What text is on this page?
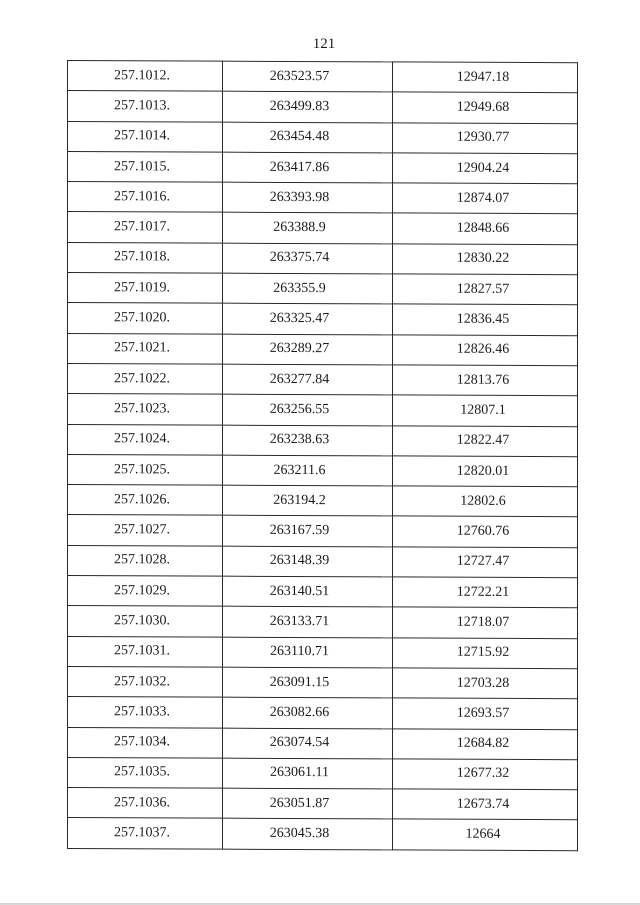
121
257.1012.	263523.57	12947.18
257.1013.	263499.83	12949.68
257.1014.	263454.48	12930.77
257.1015.	263417.86	12904.24
257.1016.	263393.98	12874.07
257.1017.	263388.9	12848.66
257.1018.	263375.74	12830.22
257.1019.	263355.9	12827.57
257.1020.	263325.47	12836.45
257.1021.	263289.27	12826.46
257.1022.	263277.84	12813.76
257.1023.	263256.55	12807.1
257.1024.	263238.63	12822.47
257.1025.	263211.6	12820.01
257.1026.	263194.2	12802.6
257.1027.	263167.59	12760.76
257.1028.	263148.39	12727.47
257.1029.	263140.51	12722.21
257.1030.	263133.71	12718.07
257.1031.	263110.71	12715.92
257.1032.	263091.15	12703.28
257.1033.	263082.66	12693.57
257.1034.	263074.54	12684.82
257.1035.	263061.11	12677.32
257.1036.	263051.87	12673.74
257.1037.	263045.38	12664
